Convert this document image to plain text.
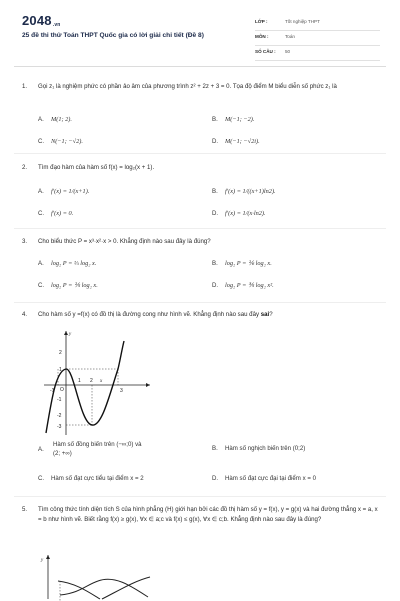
$2048_{.vn}$
25 đề thi thử Toán THPT Quốc gia có lời giải chi tiết (Đề 8)
LỚP :	Tốt nghiệp THPT
MÔN :	Toán
SỐ CÂU : 50
1. Gọi z₁ là nghiệm phức có phần ảo âm của phương trình z² + 2z + 3 = 0. Tọa độ điểm M biểu diễn số phức z₁ là
A. M(1; 2).	B. M(−1; −2).
C. N(−1; −√2).	D. M(−1; −√2i).
2. Tìm đạo hàm của hàm số f(x) = log₂(x + 1).
A. f′(x) = 1/(x+1).	B. f′(x) = 1/((x+1)ln2).
C. f′(x) = 0.	D. f′(x) = 1/(x·ln2).
3. Cho biểu thức P = x³·x²·x > 0. Khẳng định nào sau đây là đúng?
A. log₂ P = ⅔ log₂ x.	B. log₂ P = ⅙ log₂ x.
C. log₂ P = ⅕ log₂ x.	D. log₂ P = ⅗ log₂ x².
4. Cho hàm số y =f(x) có đồ thị là đường cong như hình vẽ. Khẳng định nào sau đây sai?
x
y
O
2
1
-1
-2
-3
-1
1 2
3
A.
Hàm số đồng biến trên (−∞;0) và
(2; +∞)
B. Hàm số nghịch biến trên (0;2)
C. Hàm số đạt cực tiểu tại điểm x = 2	D. Hàm số đạt cực đại tại điểm x = 0
5. Tìm công thức tính diện tích S của hình phẳng (H) giới hạn bởi các đồ thị hàm số y = f(x), y = g(x) và hai đường thẳng x = a, x = b như hình vẽ. Biết rằng f(x) ≥ g(x), ∀x ∈ a;c và f(x) ≤ g(x), ∀x ∈ c;b. Khẳng định nào sau đây là đúng?
y
